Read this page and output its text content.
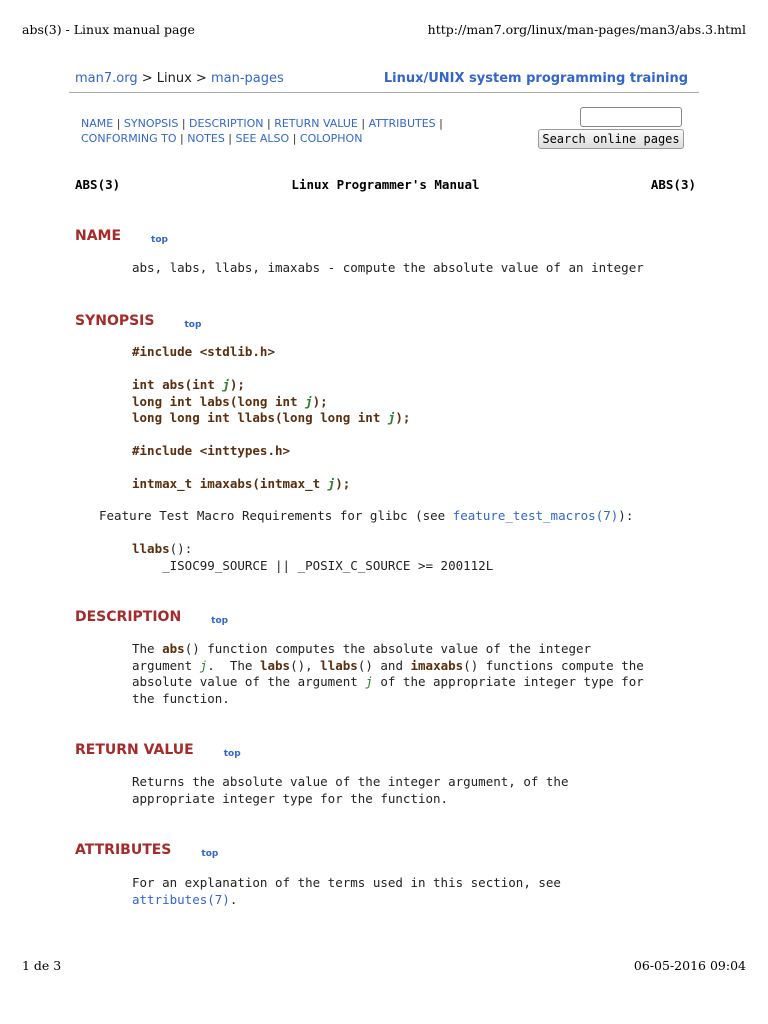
abs(3) - Linux manual page	http://man7.org/linux/man-pages/man3/abs.3.html
man7.org > Linux > man-pages	Linux/UNIX system programming training
NAME | SYNOPSIS | DESCRIPTION | RETURN VALUE | ATTRIBUTES |
CONFORMING TO | NOTES | SEE ALSO | COLOPHON	Search online pages
ABS(3)	Linux Programmer's Manual	ABS(3)
NAME	top
abs, labs, llabs, imaxabs - compute the absolute value of an integer
SYNOPSIS	top
#include <stdlib.h>

int abs(int j);
long int labs(long int j);
long long int llabs(long long int j);

#include <inttypes.h>

intmax_t imaxabs(intmax_t j);
Feature Test Macro Requirements for glibc (see feature_test_macros(7)):
llabs():
_ISOC99_SOURCE || _POSIX_C_SOURCE >= 200112L
DESCRIPTION	top
The abs() function computes the absolute value of the integer
argument j.  The labs(), llabs() and imaxabs() functions compute the
absolute value of the argument j of the appropriate integer type for
the function.
RETURN VALUE	top
Returns the absolute value of the integer argument, of the
appropriate integer type for the function.
ATTRIBUTES	top
For an explanation of the terms used in this section, see
attributes(7).
1 de 3	06-05-2016 09:04
